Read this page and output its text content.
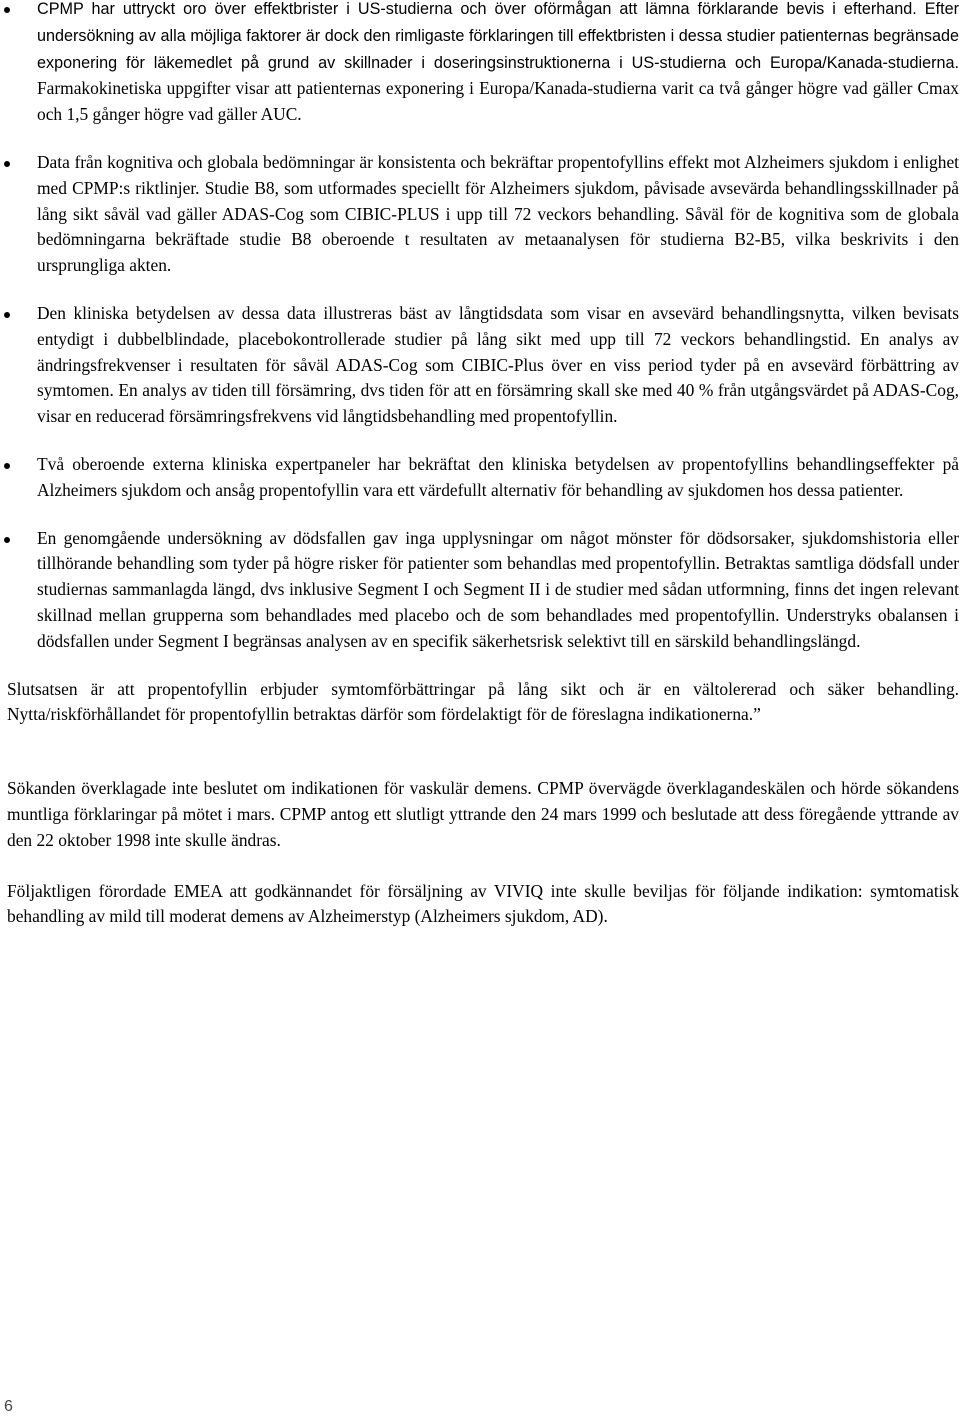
CPMP har uttryckt oro över effektbrister i US-studierna och över oförmågan att lämna förklarande bevis i efterhand. Efter undersökning av alla möjliga faktorer är dock den rimligaste förklaringen till effektbristen i dessa studier patienternas begränsade exponering för läkemedlet på grund av skillnader i doseringsinstruktionerna i US-studierna och Europa/Kanada-studierna. Farmakokinetiska uppgifter visar att patienternas exponering i Europa/Kanada-studierna varit ca två gånger högre vad gäller Cmax och 1,5 gånger högre vad gäller AUC.
Data från kognitiva och globala bedömningar är konsistenta och bekräftar propentofyllins effekt mot Alzheimers sjukdom i enlighet med CPMP:s riktlinjer. Studie B8, som utformades speciellt för Alzheimers sjukdom, påvisade avsevärda behandlingsskillnader på lång sikt såväl vad gäller ADAS-Cog som CIBIC-PLUS i upp till 72 veckors behandling. Såväl för de kognitiva som de globala bedömningarna bekräftade studie B8 oberoende t resultaten av metaanalysen för studierna B2-B5, vilka beskrivits i den ursprungliga akten.
Den kliniska betydelsen av dessa data illustreras bäst av långtidsdata som visar en avsevärd behandlingsnytta, vilken bevisats entydigt i dubbelblindade, placebokontrollerade studier på lång sikt med upp till 72 veckors behandlingstid. En analys av ändringsfrekvenser i resultaten för såväl ADAS-Cog som CIBIC-Plus över en viss period tyder på en avsevärd förbättring av symtomen. En analys av tiden till försämring, dvs tiden för att en försämring skall ske med 40 % från utgångsvärdet på ADAS-Cog, visar en reducerad försämringsfrekvens vid långtidsbehandling med propentofyllin.
Två oberoende externa kliniska expertpaneler har bekräftat den kliniska betydelsen av propentofyllins behandlingseffekter på Alzheimers sjukdom och ansåg propentofyllin vara ett värdefullt alternativ för behandling av sjukdomen hos dessa patienter.
En genomgående undersökning av dödsfallen gav inga upplysningar om något mönster för dödsorsaker, sjukdomshistoria eller tillhörande behandling som tyder på högre risker för patienter som behandlas med propentofyllin. Betraktas samtliga dödsfall under studiernas sammanlagda längd, dvs inklusive Segment I och Segment II i de studier med sådan utformning, finns det ingen relevant skillnad mellan grupperna som behandlades med placebo och de som behandlades med propentofyllin. Understryks obalansen i dödsfallen under Segment I begränsas analysen av en specifik säkerhetsrisk selektivt till en särskild behandlingslängd.

Slutsatsen är att propentofyllin erbjuder symtomförbättringar på lång sikt och är en vältolererad och säker behandling. Nytta/riskförhållandet för propentofyllin betraktas därför som fördelaktigt för de föreslagna indikationerna.”

Sökanden överklagade inte beslutet om indikationen för vaskulär demens. CPMP övervägde överklagandeskälen och hörde sökandens muntliga förklaringar på mötet i mars. CPMP antog ett slutligt yttrande den 24 mars 1999 och beslutade att dess föregående yttrande av den 22 oktober 1998 inte skulle ändras.

Följaktligen förordade EMEA att godkännandet för försäljning av VIVIQ inte skulle beviljas för följande indikation: symtomatisk behandling av mild till moderat demens av Alzheimerstyp (Alzheimers sjukdom, AD).

6
